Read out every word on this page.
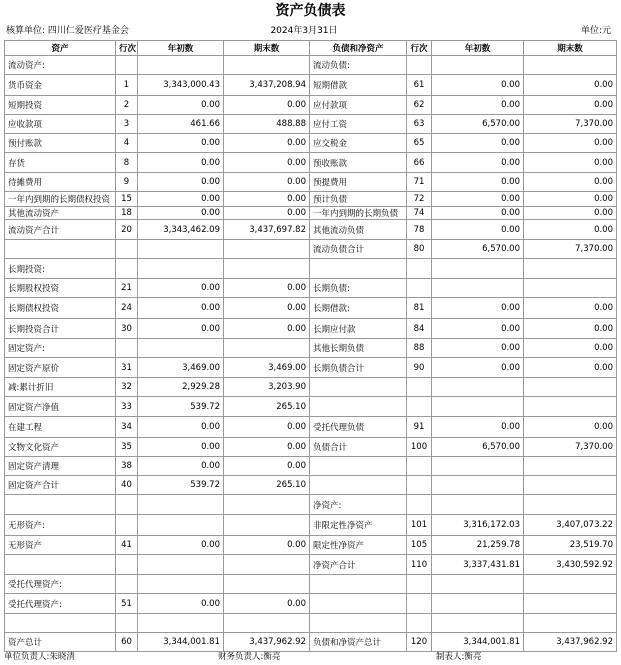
资产负债表
核算单位: 四川仁爱医疗基金会	2024年3月31日	单位:元
资产	行次	年初数	期末数	负债和净资产	行次	年初数	期末数
流动资产:				流动负债:			
货币资金	1	3,343,000.43	3,437,208.94	短期借款	61	0.00	0.00
短期投资	2	0.00	0.00	应付款项	62	0.00	0.00
应收款项	3	461.66	488.88	应付工资	63	6,570.00	7,370.00
预付账款	4	0.00	0.00	应交税金	65	0.00	0.00
存货	8	0.00	0.00	预收账款	66	0.00	0.00
待摊费用	9	0.00	0.00	预提费用	71	0.00	0.00
一年内到期的长期债权投资	15	0.00	0.00	预计负债	72	0.00	0.00
其他流动资产	18	0.00	0.00	一年内到期的长期负债	74	0.00	0.00
流动资产合计	20	3,343,462.09	3,437,697.82	其他流动负债	78	0.00	0.00
				流动负债合计	80	6,570.00	7,370.00
长期投资:							
长期股权投资	21	0.00	0.00	长期负债:			
长期债权投资	24	0.00	0.00	长期借款:	81	0.00	0.00
长期投资合计	30	0.00	0.00	长期应付款	84	0.00	0.00
固定资产:				其他长期负债	88	0.00	0.00
固定资产原价	31	3,469.00	3,469.00	长期负债合计	90	0.00	0.00
减:累计折旧	32	2,929.28	3,203.90				
固定资产净值	33	539.72	265.10				
在建工程	34	0.00	0.00	受托代理负债	91	0.00	0.00
文物文化资产	35	0.00	0.00	负债合计	100	6,570.00	7,370.00
固定资产清理	38	0.00	0.00				
固定资产合计	40	539.72	265.10				
				净资产:			
无形资产:				非限定性净资产	101	3,316,172.03	3,407,073.22
无形资产	41	0.00	0.00	限定性净资产	105	21,259.78	23,519.70
				净资产合计	110	3,337,431.81	3,430,592.92
受托代理资产:							
受托代理资产:	51	0.00	0.00				

资产总计	60	3,344,001.81	3,437,962.92	负债和净资产总计	120	3,344,001.81	3,437,962.92
单位负责人:朱晓清	财务负责人:衡亮	制表人:衡亮
